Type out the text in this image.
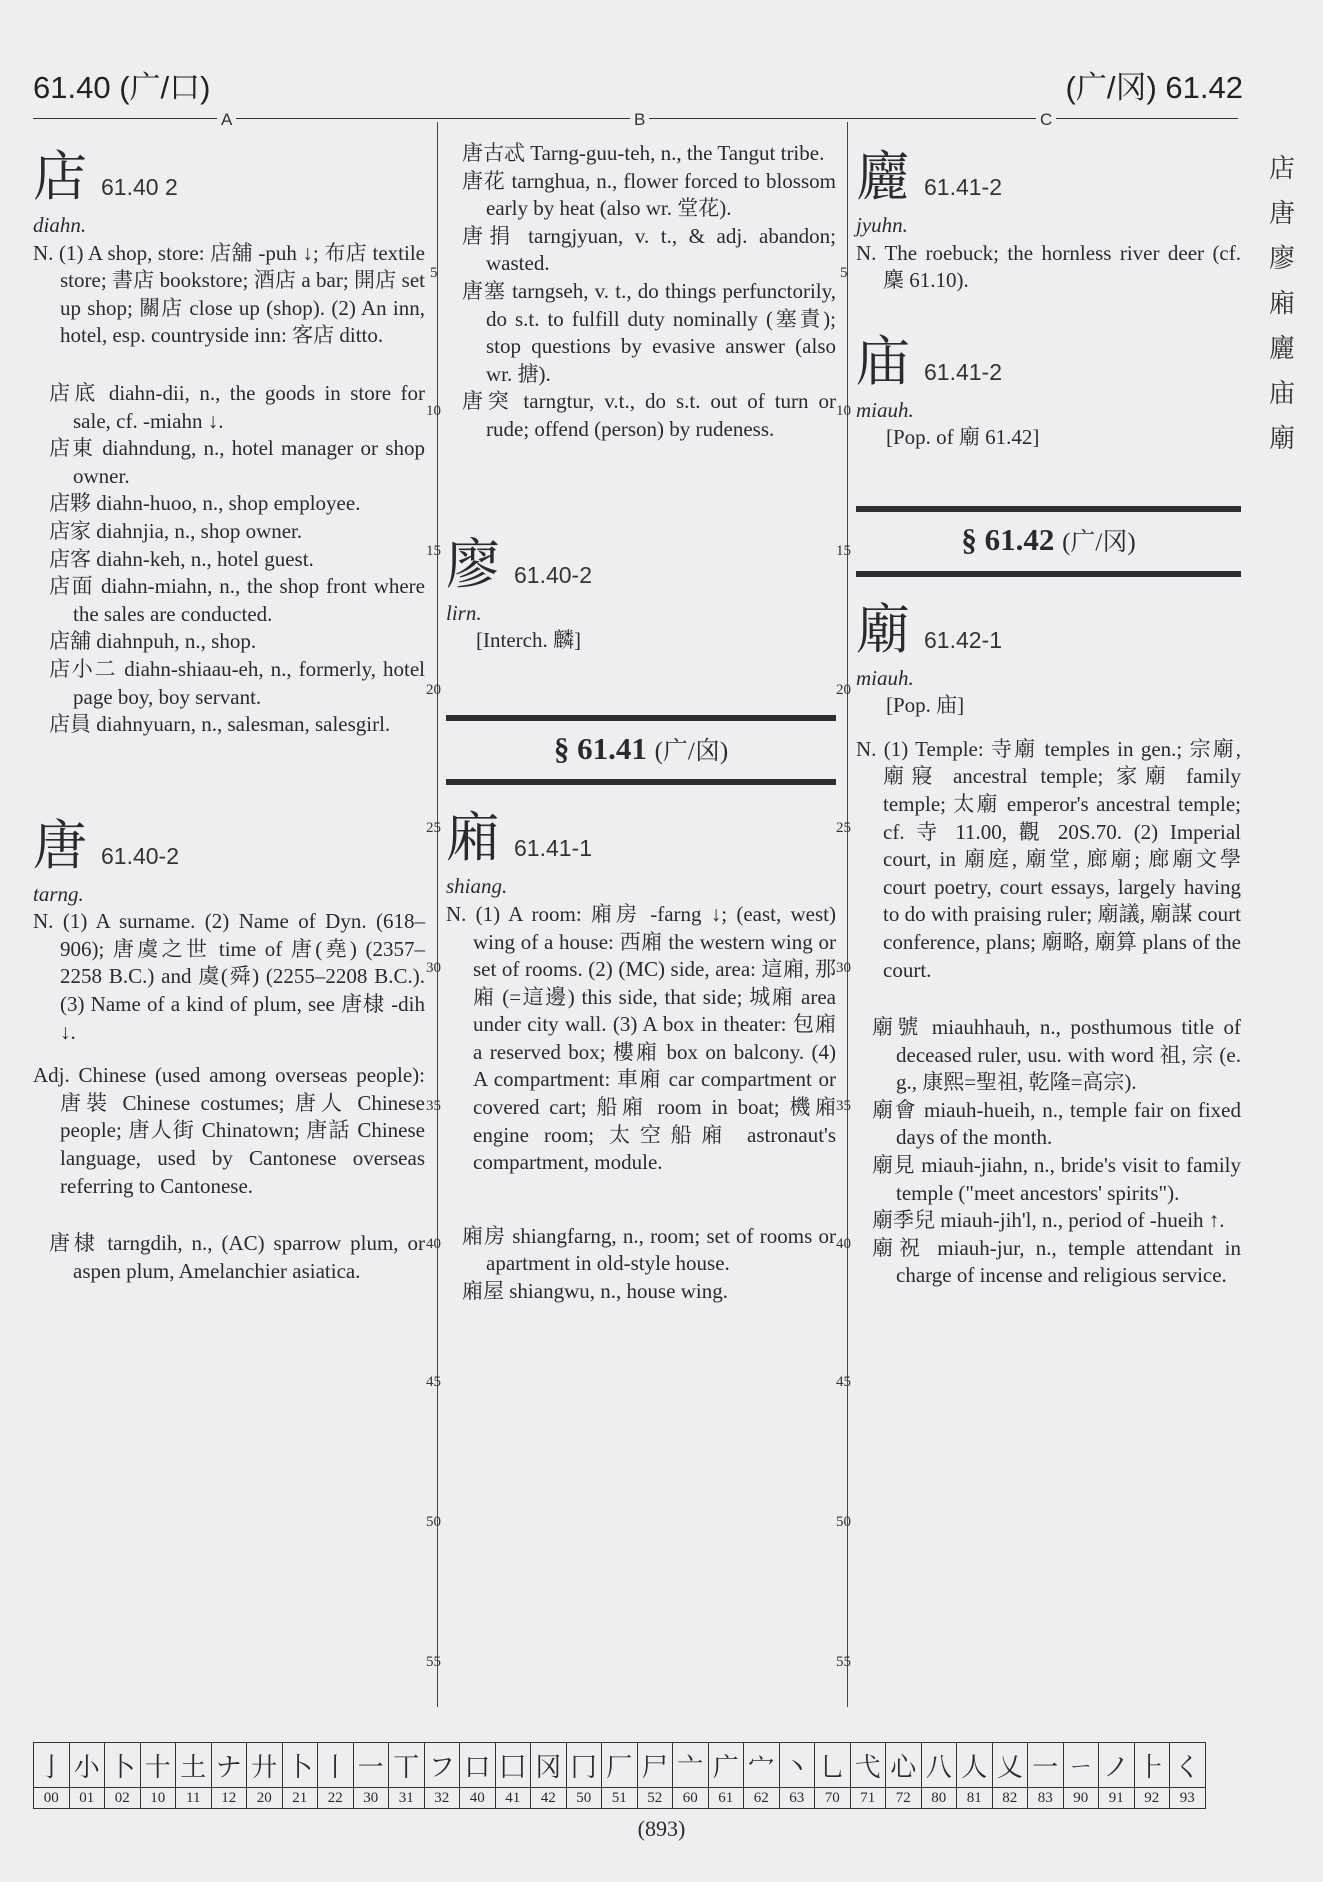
61.40 (广/口)	(广/冈) 61.42
A	B	C
店
唐
廖
廂
廲
庙
廟
5
10
15
20
25
30
35
40
45
50
55
5
10
15
20
25
30
35
40
45
50
55
店 61.40 2

diahn.

N. (1) A shop, store: 店舖 -puh ↓; 布店 textile store; 書店 bookstore; 酒店 a bar; 開店 set up shop; 關店 close up (shop). (2) An inn, hotel, esp. countryside inn: 客店 ditto.

店底 diahn-dii, n., the goods in store for sale, cf. -miahn ↓.

店東 diahndung, n., hotel manager or shop owner.

店夥 diahn-huoo, n., shop employee.

店家 diahnjia, n., shop owner.

店客 diahn-keh, n., hotel guest.

店面 diahn-miahn, n., the shop front where the sales are conducted.

店舖 diahnpuh, n., shop.

店小二 diahn-shiaau-eh, n., formerly, hotel page boy, boy servant.

店員 diahnyuarn, n., salesman, salesgirl.

唐 61.40-2

tarng.

N. (1) A surname. (2) Name of Dyn. (618–906); 唐虞之世 time of 唐(堯) (2357–2258 B.C.) and 虞(舜) (2255–2208 B.C.). (3) Name of a kind of plum, see 唐棣 -dih ↓.

Adj. Chinese (used among overseas people): 唐裝 Chinese costumes; 唐人 Chinese people; 唐人街 Chinatown; 唐話 Chinese language, used by Cantonese overseas referring to Cantonese.

唐棣 tarngdih, n., (AC) sparrow plum, or aspen plum, Amelanchier asiatica.

唐古忒 Tarng-guu-teh, n., the Tangut tribe.

唐花 tarnghua, n., flower forced to blossom early by heat (also wr. 堂花).

唐捐 tarngjyuan, v. t., & adj. abandon; wasted.

唐塞 tarngseh, v. t., do things perfunctorily, do s.t. to fulfill duty nominally (塞責); stop questions by evasive answer (also wr. 搪).

唐突 tarngtur, v.t., do s.t. out of turn or rude; offend (person) by rudeness.

廖 61.40-2

lirn.

[Interch. 麟]

§ 61.41 (广/囟)
廂 61.41-1

shiang.

N. (1) A room: 廂房 -farng ↓; (east, west) wing of a house: 西廂 the western wing or set of rooms. (2) (MC) side, area: 這廂, 那廂 (=這邊) this side, that side; 城廂 area under city wall. (3) A box in theater: 包廂 a reserved box; 樓廂 box on balcony. (4) A compartment: 車廂 car compartment or covered cart; 船廂 room in boat; 機廂 engine room; 太空船廂 astronaut's compartment, module.

廂房 shiangfarng, n., room; set of rooms or apartment in old-style house.

廂屋 shiangwu, n., house wing.

廲 61.41-2

jyuhn.

N. The roebuck; the hornless river deer (cf. 麇 61.10).

庙 61.41-2

miauh.

[Pop. of 廟 61.42]

§ 61.42 (广/冈)
廟 61.42-1

miauh.

[Pop. 庙]

N. (1) Temple: 寺廟 temples in gen.; 宗廟, 廟寢 ancestral temple; 家廟 family temple; 太廟 emperor's ancestral temple; cf. 寺 11.00, 觀 20S.70. (2) Imperial court, in 廟庭, 廟堂, 廊廟; 廊廟文學 court poetry, court essays, largely having to do with praising ruler; 廟議, 廟謀 court conference, plans; 廟略, 廟算 plans of the court.

廟號 miauhhauh, n., posthumous title of deceased ruler, usu. with word 祖, 宗 (e. g., 康熙=聖祖, 乾隆=高宗).

廟會 miauh-hueih, n., temple fair on fixed days of the month.

廟見 miauh-jiahn, n., bride's visit to family temple ("meet ancestors' spirits").

廟季兒 miauh-jih'l, n., period of -hueih ↑.

廟祝 miauh-jur, n., temple attendant in charge of incense and religious service.

亅	小	卜	十	土	ナ	廾	卜	丨	一	丅	フ	口	囗	冈	冂	厂	尸	亠	广	宀	丶	乚	弋	心	八	人	乂	一	ㄧ	ノ	⺊	く
00	01	02	10	11	12	20	21	22	30	31	32	40	41	42	50	51	52	60	61	62	63	70	71	72	80	81	82	83	90	91	92	93
(893)
